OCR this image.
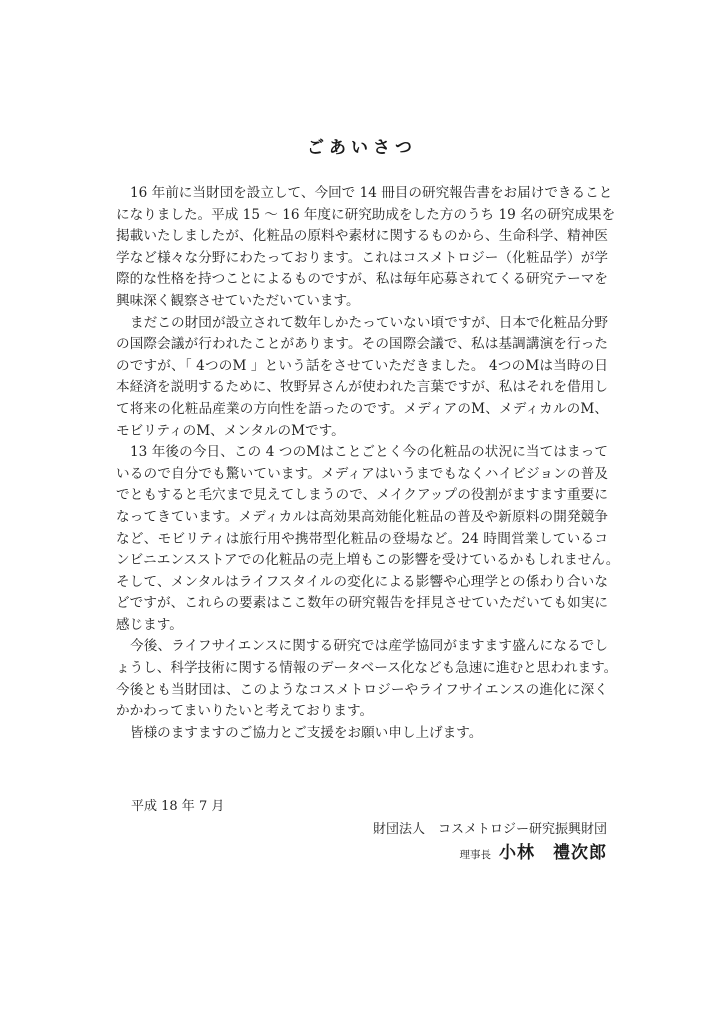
ごあいさつ
16 年前に当財団を設立して、今回で 14 冊目の研究報告書をお届けできること
になりました。平成 15 ～ 16 年度に研究助成をした方のうち 19 名の研究成果を
掲載いたしましたが、化粧品の原料や素材に関するものから、生命科学、精神医
学など様々な分野にわたっております。これはコスメトロジー（化粧品学）が学
際的な性格を持つことによるものですが、私は毎年応募されてくる研究テーマを
興味深く観察させていただいています。
まだこの財団が設立されて数年しかたっていない頃ですが、日本で化粧品分野
の国際会議が行われたことがあります。その国際会議で、私は基調講演を行った
のですが、「 4つのM 」という話をさせていただきました。 4つのMは当時の日
本経済を説明するために、牧野昇さんが使われた言葉ですが、私はそれを借用し
て将来の化粧品産業の方向性を語ったのです。メディアのM、メディカルのM、
モビリティのM、メンタルのMです。
13 年後の今日、この 4 つのMはことごとく今の化粧品の状況に当てはまって
いるので自分でも驚いています。メディアはいうまでもなくハイビジョンの普及
でともすると毛穴まで見えてしまうので、メイクアップの役割がますます重要に
なってきています。メディカルは高効果高効能化粧品の普及や新原料の開発競争
など、モビリティは旅行用や携帯型化粧品の登場など。24 時間営業しているコ
ンビニエンスストアでの化粧品の売上増もこの影響を受けているかもしれません。
そして、メンタルはライフスタイルの変化による影響や心理学との係わり合いな
どですが、これらの要素はここ数年の研究報告を拝見させていただいても如実に
感じます。
今後、ライフサイエンスに関する研究では産学協同がますます盛んになるでし
ょうし、科学技術に関する情報のデータベース化なども急速に進むと思われます。
今後とも当財団は、このようなコスメトロジーやライフサイエンスの進化に深く
かかわってまいりたいと考えております。
皆様のますますのご協力とご支援をお願い申し上げます。
平成 18 年 7 月
財団法人　コスメトロジー研究振興財団
理事長 小林　禮次郎
